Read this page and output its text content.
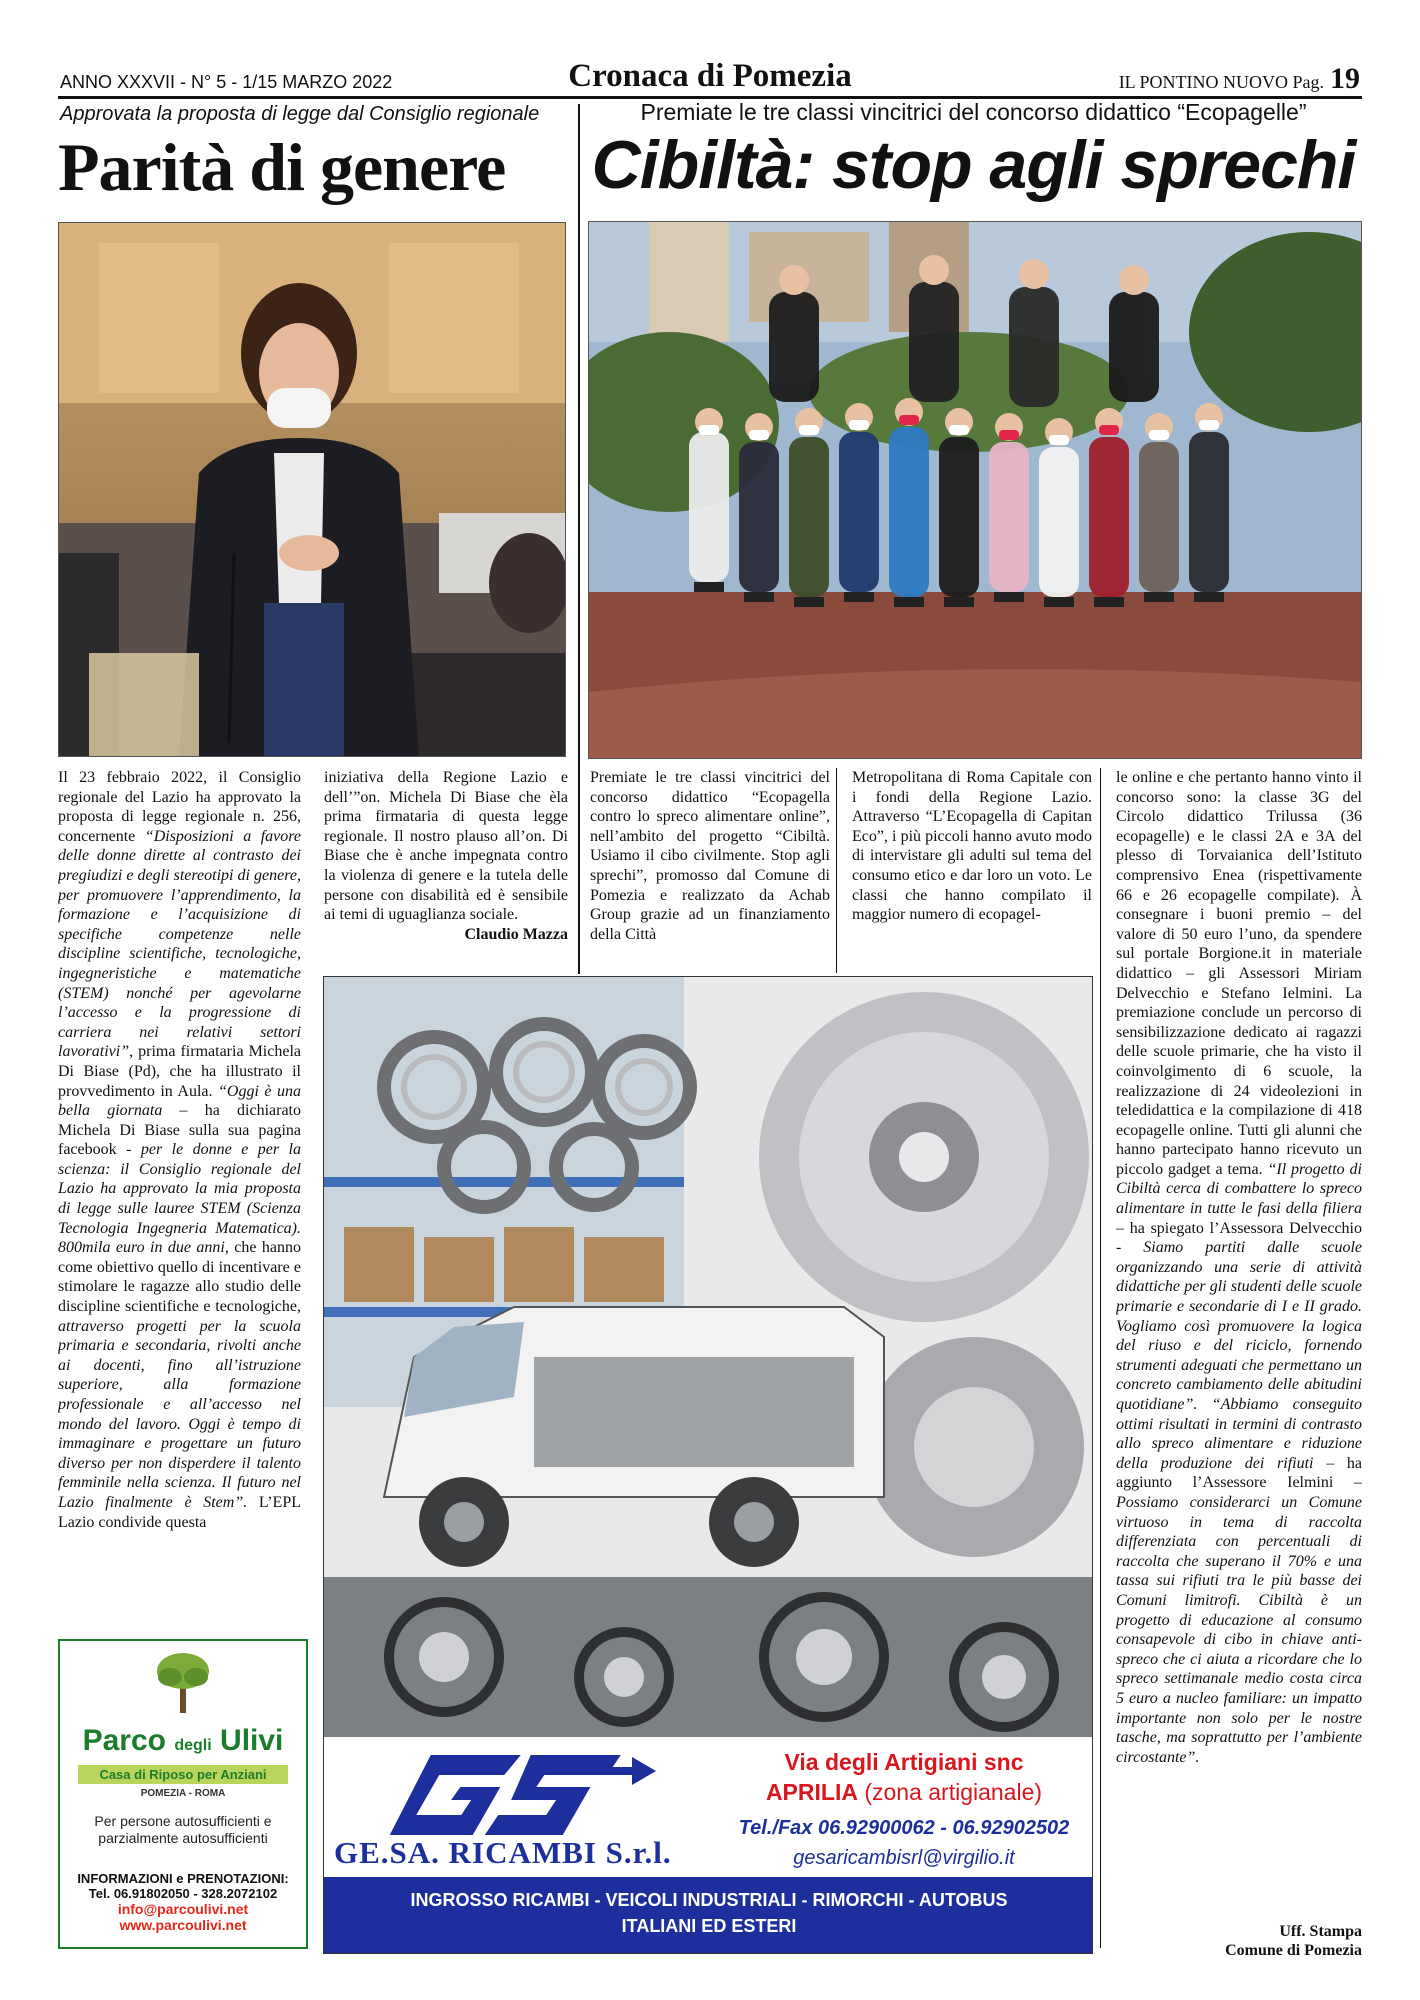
ANNO XXXVII - N° 5 - 1/15 MARZO 2022	Cronaca di Pomezia	IL PONTINO NUOVO Pag. 19
Approvata la proposta di legge dal Consiglio regionale
Parità di genere

Il 23 febbraio 2022, il Consiglio regionale del Lazio ha approvato la proposta di legge regionale n. 256, concernente “Disposizioni a favore delle donne dirette al contrasto dei pregiudizi e degli stereotipi di genere, per promuovere l’apprendimento, la formazione e l’acquisizione di specifiche competenze nelle discipline scientifiche, tecnologiche, ingegneristiche e matematiche (STEM) nonché per agevolarne l’accesso e la progressione di carriera nei relativi settori lavorativi”, prima firmataria Michela Di Biase (Pd), che ha illustrato il provvedimento in Aula. “Oggi è una bella giornata – ha dichiarato Michela Di Biase sulla sua pagina facebook - per le donne e per la scienza: il Consiglio regionale del Lazio ha approvato la mia proposta di legge sulle lauree STEM (Scienza Tecnologia Ingegneria Matematica). 800mila euro in due anni, che hanno come obiettivo quello di incentivare e stimolare le ragazze allo studio delle discipline scientifiche e tecnologiche, attraverso progetti per la scuola primaria e secondaria, rivolti anche ai docenti, fino all’istruzione superiore, alla formazione professionale e all’accesso nel mondo del lavoro. Oggi è tempo di immaginare e progettare un futuro diverso per non disperdere il talento femminile nella scienza. Il futuro nel Lazio finalmente è Stem”. L’EPL Lazio condivide questa

iniziativa della Regione Lazio e dell’”on. Michela Di Biase che èla prima firmataria di questa legge regionale. Il nostro plauso all’on. Di Biase che è anche impegnata contro la violenza di genere e la tutela delle persone con disabilità ed è sensibile ai temi di uguaglianza sociale.

Claudio Mazza

Premiate le tre classi vincitrici del concorso didattico “Ecopagelle”
Cibiltà: stop agli sprechi

Premiate le tre classi vincitrici del concorso didattico “Ecopagella contro lo spreco alimentare online”, nell’ambito del progetto “Cibiltà. Usiamo il cibo civilmente. Stop agli sprechi”, promosso dal Comune di Pomezia e realizzato da Achab Group grazie ad un finanziamento della Città

Metropolitana di Roma Capitale con i fondi della Regione Lazio. Attraverso “L’Ecopagella di Capitan Eco”, i più piccoli hanno avuto modo di intervistare gli adulti sul tema del consumo etico e dar loro un voto. Le classi che hanno compilato il maggior numero di ecopagel-

le online e che pertanto hanno vinto il concorso sono: la classe 3G del Circolo didattico Trilussa (36 ecopagelle) e le classi 2A e 3A del plesso di Torvaianica dell’Istituto comprensivo Enea (rispettivamente 66 e 26 ecopagelle compilate). À consegnare i buoni premio – del valore di 50 euro l’uno, da spendere sul portale Borgione.it in materiale didattico – gli Assessori Miriam Delvecchio e Stefano Ielmini. La premiazione conclude un percorso di sensibilizzazione dedicato ai ragazzi delle scuole primarie, che ha visto il coinvolgimento di 6 scuole, la realizzazione di 24 videolezioni in teledidattica e la compilazione di 418 ecopagelle online. Tutti gli alunni che hanno partecipato hanno ricevuto un piccolo gadget a tema. “Il progetto di Cibiltà cerca di combattere lo spreco alimentare in tutte le fasi della filiera – ha spiegato l’Assessora Delvecchio - Siamo partiti dalle scuole organizzando una serie di attività didattiche per gli studenti delle scuole primarie e secondarie di I e II grado. Vogliamo così promuovere la logica del riuso e del riciclo, fornendo strumenti adeguati che permettano un concreto cambiamento delle abitudini quotidiane”. “Abbiamo conseguito ottimi risultati in termini di contrasto allo spreco alimentare e riduzione della produzione dei rifiuti – ha aggiunto l’Assessore Ielmini – Possiamo considerarci un Comune virtuoso in tema di raccolta differenziata con percentuali di raccolta che superano il 70% e una tassa sui rifiuti tra le più basse dei Comuni limitrofi. Cibiltà è un progetto di educazione al consumo consapevole di cibo in chiave anti-spreco che ci aiuta a ricordare che lo spreco settimanale medio costa circa 5 euro a nucleo familiare: un impatto importante non solo per le nostre tasche, ma soprattutto per l’ambiente circostante”.

Uff. Stampa
Comune di Pomezia
GE.SA. RICAMBI S.r.l.
Via degli Artigiani snc
APRILIA (zona artigianale)
Tel./Fax 06.92900062 - 06.92902502
gesaricambisrl@virgilio.it
INGROSSO RICAMBI - VEICOLI INDUSTRIALI - RIMORCHI - AUTOBUS
ITALIANI ED ESTERI
Parco degli Ulivi
Casa di Riposo per Anziani
POMEZIA - ROMA
Per persone autosufficienti e parzialmente autosufficienti
INFORMAZIONI e PRENOTAZIONI:
Tel. 06.91802050 - 328.2072102
info@parcoulivi.net
www.parcoulivi.net
